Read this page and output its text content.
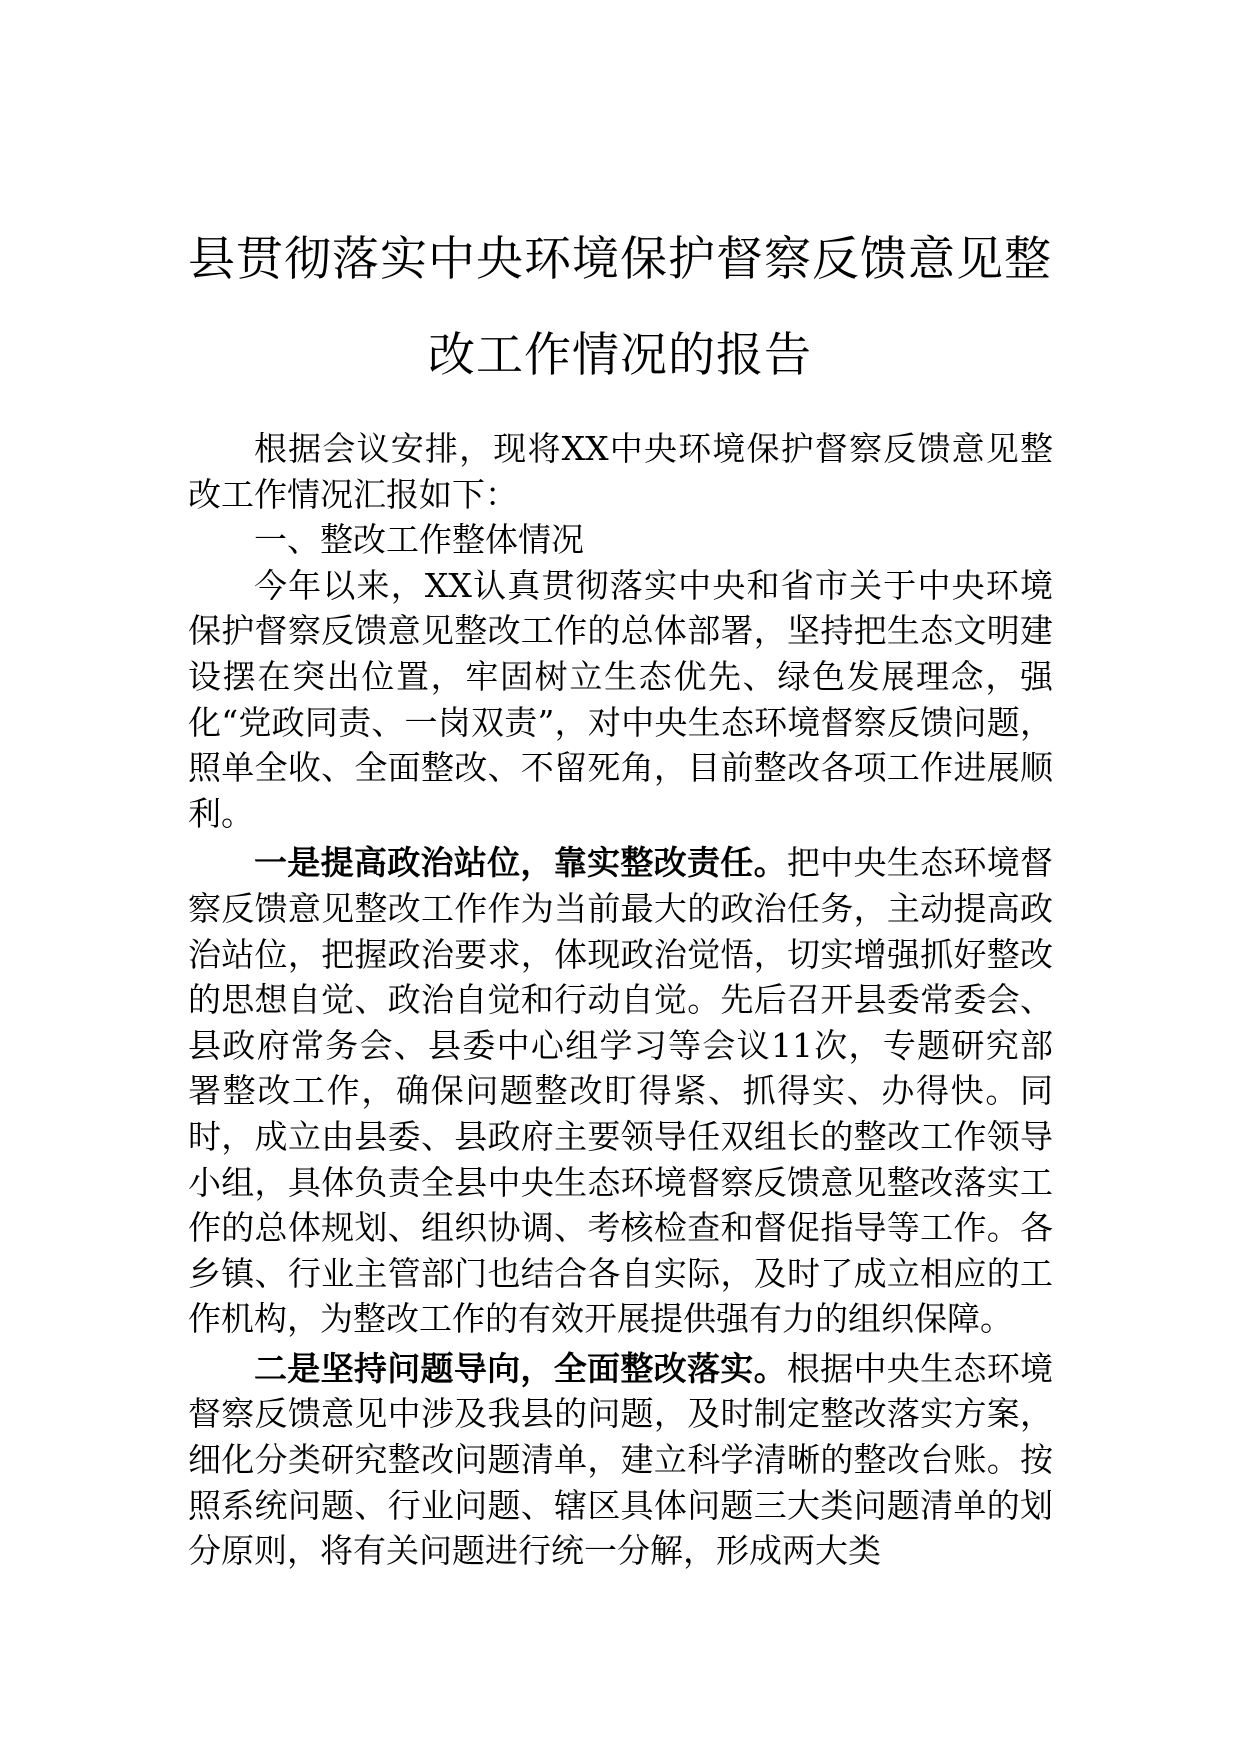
县贯彻落实中央环境保护督察反馈意见整
改工作情况的报告

根据会议安排，现将XX中央环境保护督察反馈意见整改工作情况汇报如下：

一、整改工作整体情况

今年以来，XX认真贯彻落实中央和省市关于中央环境保护督察反馈意见整改工作的总体部署，坚持把生态文明建设摆在突出位置，牢固树立生态优先、绿色发展理念，强化“党政同责、一岗双责”，对中央生态环境督察反馈问题，照单全收、全面整改、不留死角，目前整改各项工作进展顺利。

一是提高政治站位，靠实整改责任。把中央生态环境督察反馈意见整改工作作为当前最大的政治任务，主动提高政治站位，把握政治要求，体现政治觉悟，切实增强抓好整改的思想自觉、政治自觉和行动自觉。先后召开县委常委会、县政府常务会、县委中心组学习等会议11次，专题研究部署整改工作，确保问题整改盯得紧、抓得实、办得快。同时，成立由县委、县政府主要领导任双组长的整改工作领导小组，具体负责全县中央生态环境督察反馈意见整改落实工作的总体规划、组织协调、考核检查和督促指导等工作。各乡镇、行业主管部门也结合各自实际，及时了成立相应的工作机构，为整改工作的有效开展提供强有力的组织保障。

二是坚持问题导向，全面整改落实。根据中央生态环境督察反馈意见中涉及我县的问题，及时制定整改落实方案，细化分类研究整改问题清单，建立科学清晰的整改台账。按照系统问题、行业问题、辖区具体问题三大类问题清单的划分原则，将有关问题进行统一分解，形成两大类
